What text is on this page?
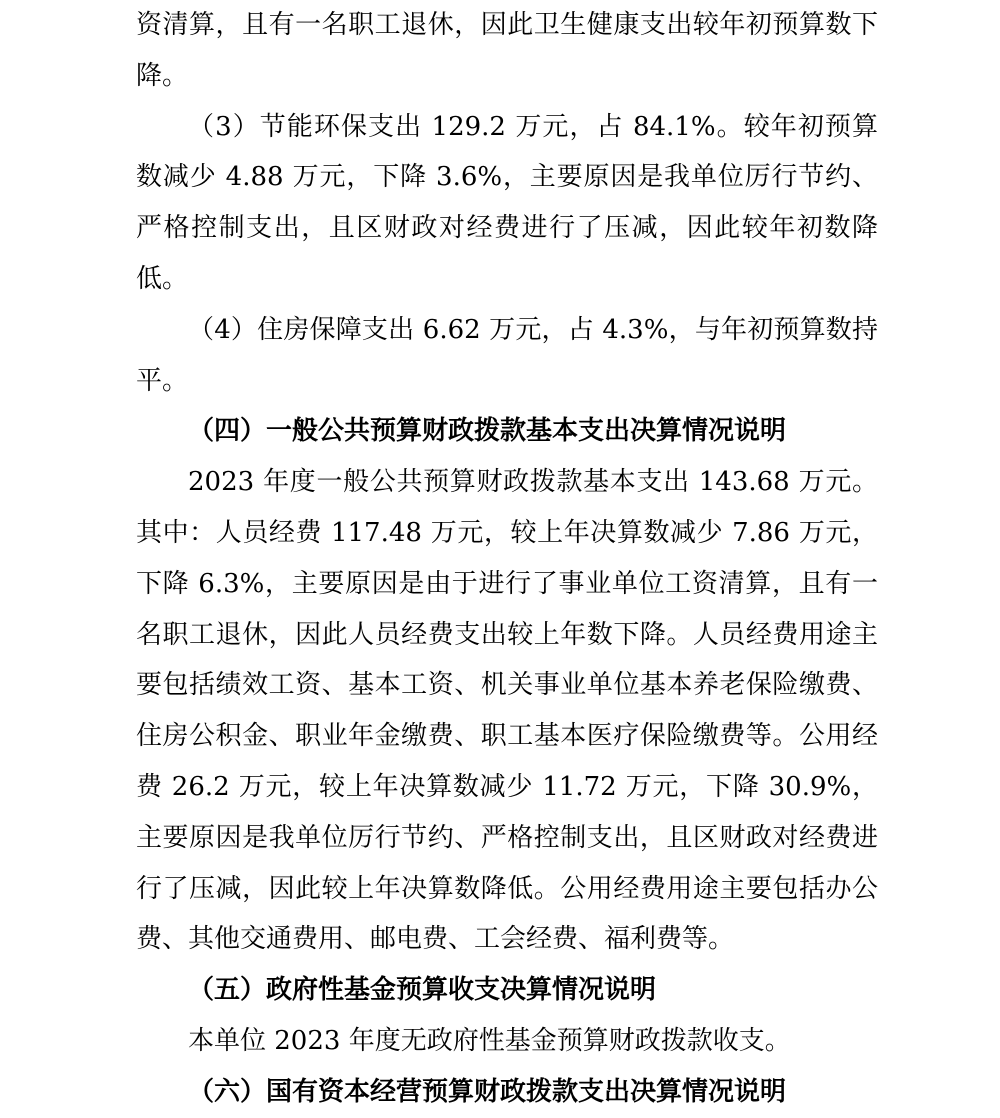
资清算，且有一名职工退休，因此卫生健康支出较年初预算数下降。

（3）节能环保支出 129.2 万元，占 84.1%。较年初预算数减少 4.88 万元，下降 3.6%，主要原因是我单位厉行节约、严格控制支出，且区财政对经费进行了压减，因此较年初数降低。

（4）住房保障支出 6.62 万元，占 4.3%，与年初预算数持平。

（四）一般公共预算财政拨款基本支出决算情况说明

2023 年度一般公共预算财政拨款基本支出 143.68 万元。其中：人员经费 117.48 万元，较上年决算数减少 7.86 万元，下降 6.3%，主要原因是由于进行了事业单位工资清算，且有一名职工退休，因此人员经费支出较上年数下降。人员经费用途主要包括绩效工资、基本工资、机关事业单位基本养老保险缴费、住房公积金、职业年金缴费、职工基本医疗保险缴费等。公用经费 26.2 万元，较上年决算数减少 11.72 万元，下降 30.9%，主要原因是我单位厉行节约、严格控制支出，且区财政对经费进行了压减，因此较上年决算数降低。公用经费用途主要包括办公费、其他交通费用、邮电费、工会经费、福利费等。

（五）政府性基金预算收支决算情况说明

本单位 2023 年度无政府性基金预算财政拨款收支。

（六）国有资本经营预算财政拨款支出决算情况说明
